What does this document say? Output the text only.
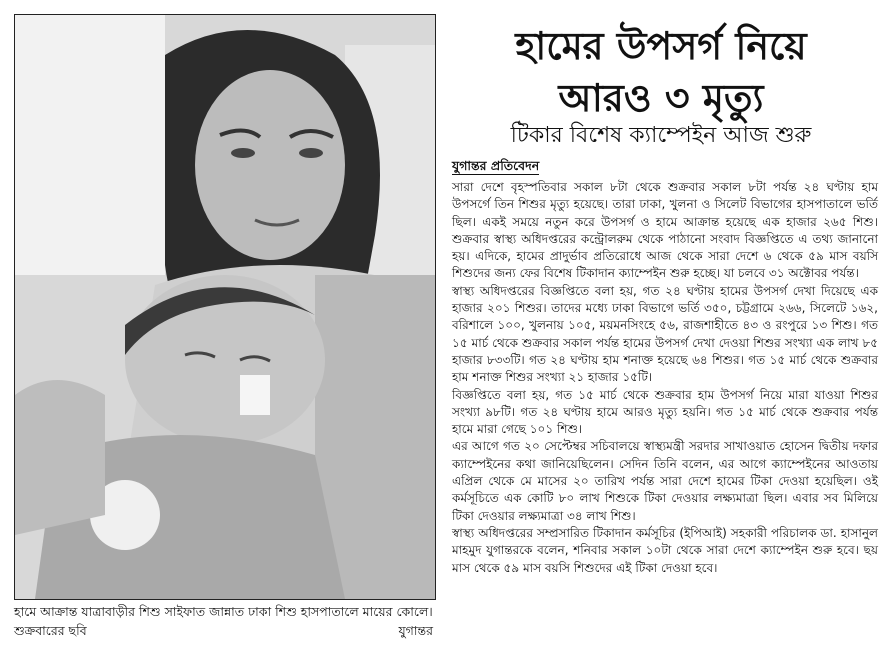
হামে আক্রান্ত যাত্রাবাড়ীর শিশু সাইফাত জান্নাত ঢাকা শিশু হাসপাতালে মায়ের কোলে। শুক্রবারের ছবি	যুগান্তর
হামের উপসর্গ নিয়ে
আরও ৩ মৃত্যু
টিকার বিশেষ ক্যাম্পেইন আজ শুরু
যুগান্তর প্রতিবেদন

সারা দেশে বৃহস্পতিবার সকাল ৮টা থেকে শুক্রবার সকাল ৮টা পর্যন্ত ২৪ ঘণ্টায় হাম উপসর্গে তিন শিশুর মৃত্যু হয়েছে। তারা ঢাকা, খুলনা ও সিলেট বিভাগের হাসপাতালে ভর্তি ছিল। একই সময়ে নতুন করে উপসর্গ ও হামে আক্রান্ত হয়েছে এক হাজার ২৬৫ শিশু। শুক্রবার স্বাস্থ্য অধিদপ্তরের কন্ট্রোলরুম থেকে পাঠানো সংবাদ বিজ্ঞপ্তিতে এ তথ্য জানানো হয়। এদিকে, হামের প্রাদুর্ভাব প্রতিরোধে আজ থেকে সারা দেশে ৬ থেকে ৫৯ মাস বয়সি শিশুদের জন্য ফের বিশেষ টিকাদান ক্যাম্পেইন শুরু হচ্ছে। যা চলবে ৩১ অক্টোবর পর্যন্ত।

স্বাস্থ্য অধিদপ্তরের বিজ্ঞপ্তিতে বলা হয়, গত ২৪ ঘণ্টায় হামের উপসর্গ দেখা দিয়েছে এক হাজার ২০১ শিশুর। তাদের মধ্যে ঢাকা বিভাগে ভর্তি ৩৫০, চট্টগ্রামে ২৬৬, সিলেটে ১৬২, বরিশালে ১০০, খুলনায় ১০৫, ময়মনসিংহে ৫৬, রাজশাহীতে ৪৩ ও রংপুরে ১৩ শিশু। গত ১৫ মার্চ থেকে শুক্রবার সকাল পর্যন্ত হামের উপসর্গ দেখা দেওয়া শিশুর সংখ্যা এক লাখ ৮৫ হাজার ৮৩৩টি। গত ২৪ ঘণ্টায় হাম শনাক্ত হয়েছে ৬৪ শিশুর। গত ১৫ মার্চ থেকে শুক্রবার হাম শনাক্ত শিশুর সংখ্যা ২১ হাজার ১৫টি।

বিজ্ঞপ্তিতে বলা হয়, গত ১৫ মার্চ থেকে শুক্রবার হাম উপসর্গ নিয়ে মারা যাওয়া শিশুর সংখ্যা ৯৮টি। গত ২৪ ঘণ্টায় হামে আরও মৃত্যু হয়নি। গত ১৫ মার্চ থেকে শুক্রবার পর্যন্ত হামে মারা গেছে ১০১ শিশু।

এর আগে গত ২০ সেপ্টেম্বর সচিবালয়ে স্বাস্থ্যমন্ত্রী সরদার সাখাওয়াত হোসেন দ্বিতীয় দফার ক্যাম্পেইনের কথা জানিয়েছিলেন। সেদিন তিনি বলেন, এর আগে ক্যাম্পেইনের আওতায় এপ্রিল থেকে মে মাসের ২০ তারিখ পর্যন্ত সারা দেশে হামের টিকা দেওয়া হয়েছিল। ওই কর্মসূচিতে এক কোটি ৮০ লাখ শিশুকে টিকা দেওয়ার লক্ষ্যমাত্রা ছিল। এবার সব মিলিয়ে টিকা দেওয়ার লক্ষ্যমাত্রা ৩৪ লাখ শিশু।

স্বাস্থ্য অধিদপ্তরের সম্প্রসারিত টিকাদান কর্মসূচির (ইপিআই) সহকারী পরিচালক ডা. হাসানুল মাহমুদ যুগান্তরকে বলেন, শনিবার সকাল ১০টা থেকে সারা দেশে ক্যাম্পেইন শুরু হবে। ছয় মাস থেকে ৫৯ মাস বয়সি শিশুদের এই টিকা দেওয়া হবে।
